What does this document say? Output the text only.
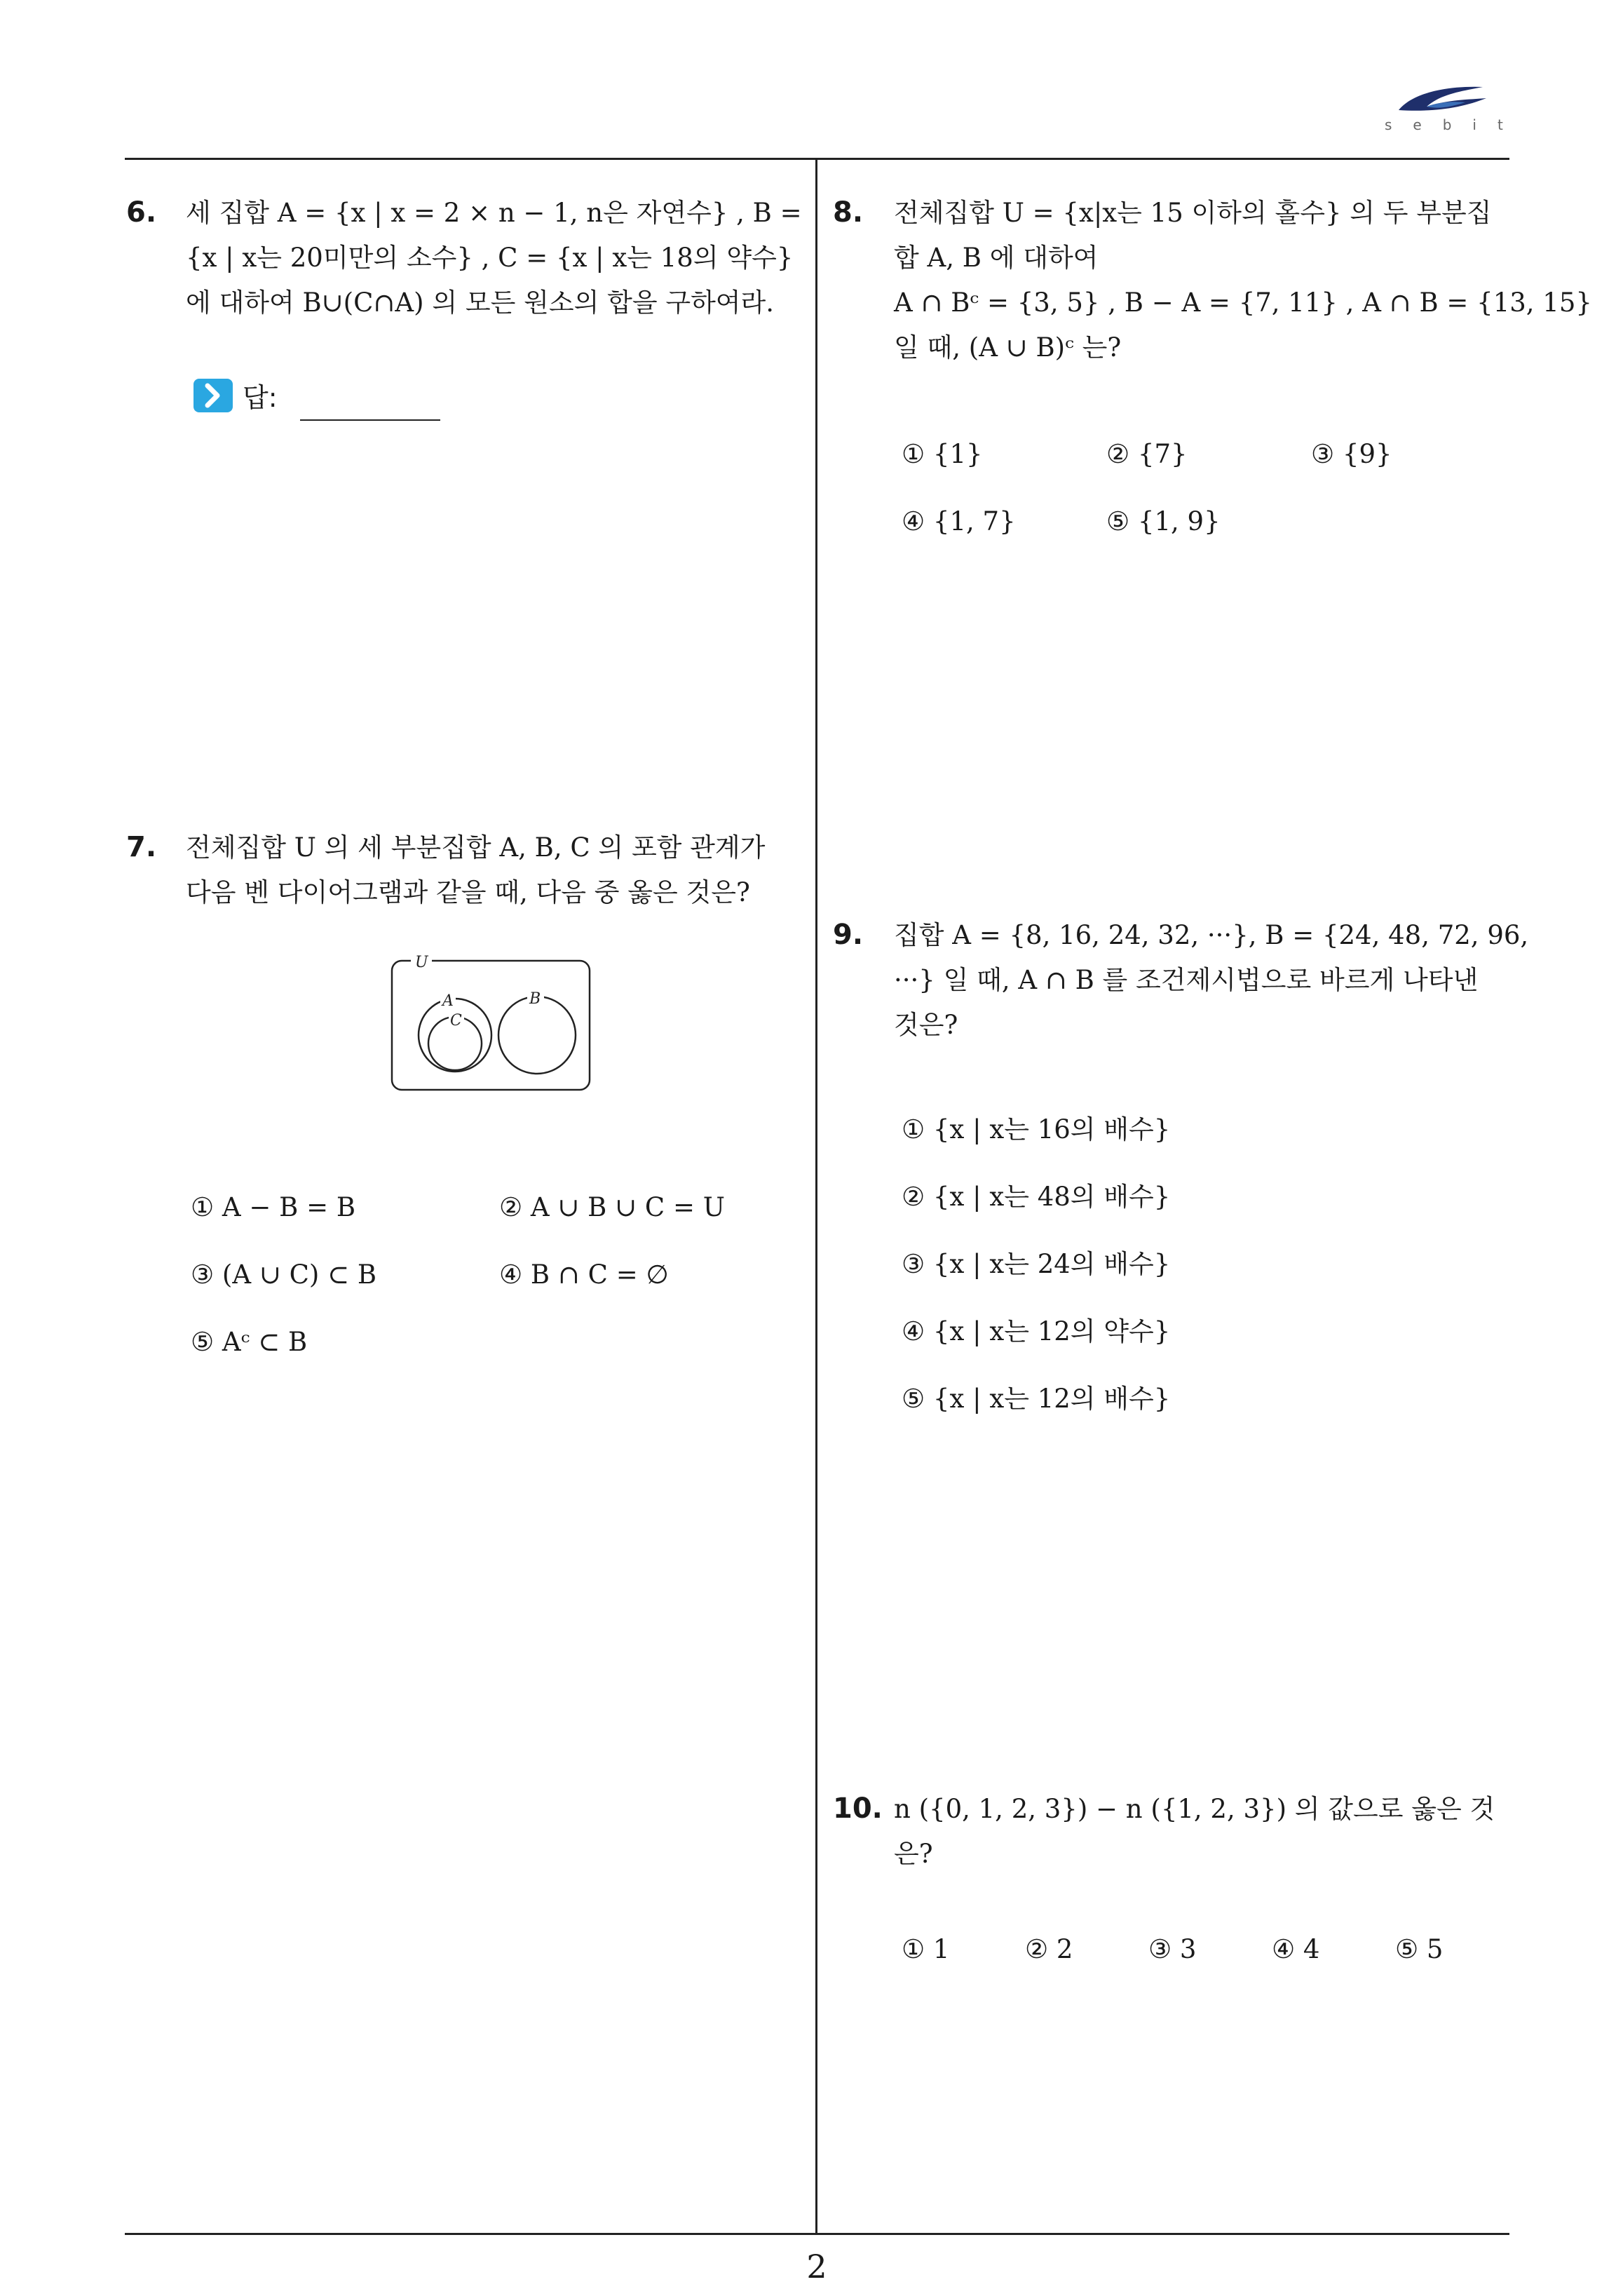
sebit
6. 세 집합 A = {x | x = 2 × n − 1, n은 자연수} , B =
{x | x는 20미만의 소수} , C = {x | x는 18의 약수}
에 대하여 B∪(C∩A) 의 모든 원소의 합을 구하여라.
답:
7. 전체집합 U 의 세 부분집합 A, B, C 의 포함 관계가
다음 벤 다이어그램과 같을 때, 다음 중 옳은 것은?
U
A
C
B
① A − B = B	② A ∪ B ∪ C = U
③ (A ∪ C) ⊂ B	④ B ∩ C = ∅
⑤ Aᶜ ⊂ B
8. 전체집합 U = {x|x는 15 이하의 홀수} 의 두 부분집
합 A, B 에 대하여
A ∩ Bᶜ = {3, 5} , B − A = {7, 11} , A ∩ B = {13, 15}
일 때, (A ∪ B)ᶜ 는?
① {1}	② {7}	③ {9}
④ {1, 7}	⑤ {1, 9}
9. 집합 A = {8, 16, 24, 32, ···}, B = {24, 48, 72, 96,
···} 일 때, A ∩ B 를 조건제시법으로 바르게 나타낸
것은?
① {x | x는 16의 배수}
② {x | x는 48의 배수}
③ {x | x는 24의 배수}
④ {x | x는 12의 약수}
⑤ {x | x는 12의 배수}
10. n ({0, 1, 2, 3}) − n ({1, 2, 3}) 의 값으로 옳은 것
은?
① 1	② 2	③ 3	④ 4	⑤ 5
2
